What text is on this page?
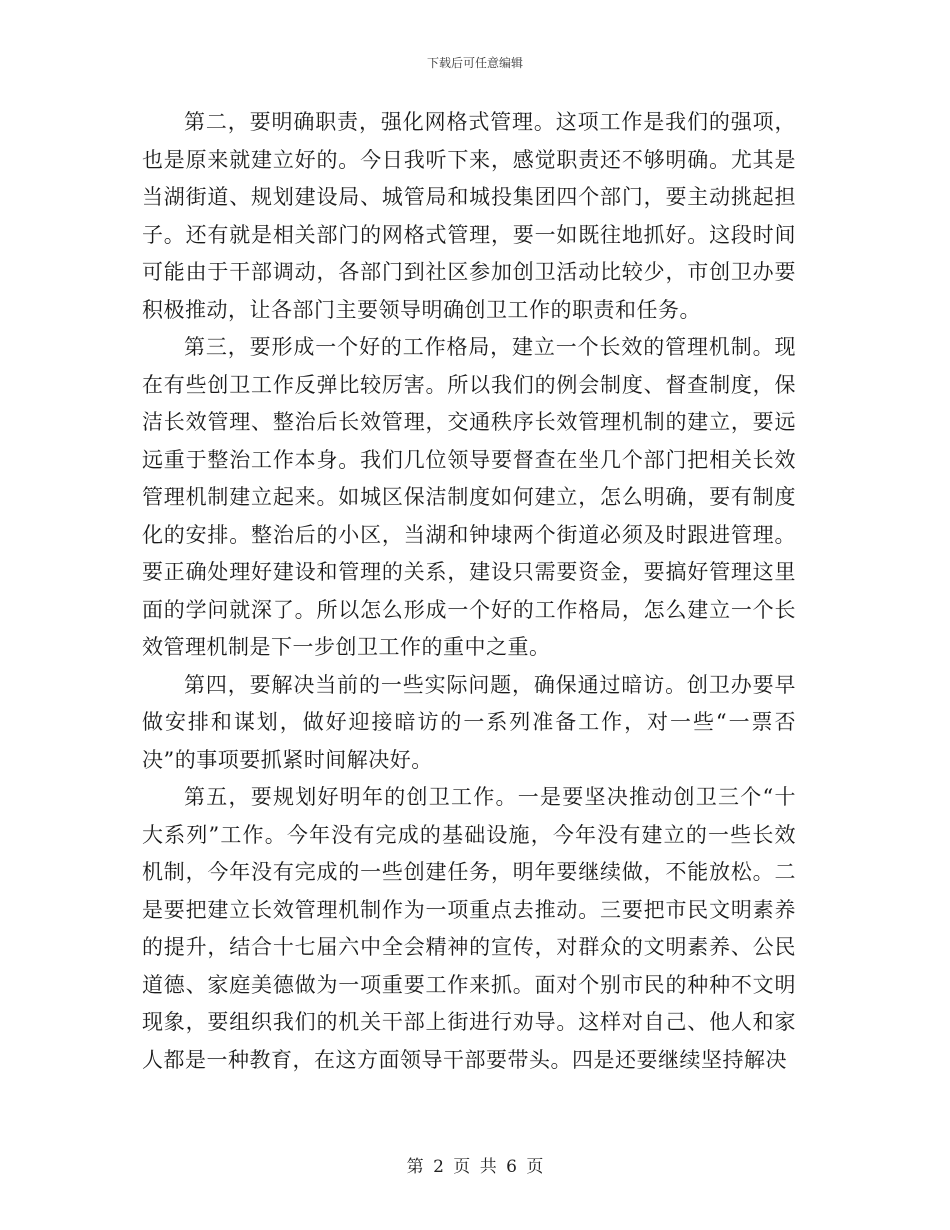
下载后可任意编辑

第二，要明确职责，强化网格式管理。这项工作是我们的强项，也是原来就建立好的。今日我听下来，感觉职责还不够明确。尤其是当湖街道、规划建设局、城管局和城投集团四个部门，要主动挑起担子。还有就是相关部门的网格式管理，要一如既往地抓好。这段时间可能由于干部调动，各部门到社区参加创卫活动比较少，市创卫办要积极推动，让各部门主要领导明确创卫工作的职责和任务。

第三，要形成一个好的工作格局，建立一个长效的管理机制。现在有些创卫工作反弹比较厉害。所以我们的例会制度、督查制度，保洁长效管理、整治后长效管理，交通秩序长效管理机制的建立，要远远重于整治工作本身。我们几位领导要督查在坐几个部门把相关长效管理机制建立起来。如城区保洁制度如何建立，怎么明确，要有制度化的安排。整治后的小区，当湖和钟埭两个街道必须及时跟进管理。要正确处理好建设和管理的关系，建设只需要资金，要搞好管理这里面的学问就深了。所以怎么形成一个好的工作格局，怎么建立一个长效管理机制是下一步创卫工作的重中之重。

第四，要解决当前的一些实际问题，确保通过暗访。创卫办要早做安排和谋划，做好迎接暗访的一系列准备工作，对一些“一票否决”的事项要抓紧时间解决好。

第五，要规划好明年的创卫工作。一是要坚决推动创卫三个“十大系列”工作。今年没有完成的基础设施，今年没有建立的一些长效机制，今年没有完成的一些创建任务，明年要继续做，不能放松。二是要把建立长效管理机制作为一项重点去推动。三要把市民文明素养的提升，结合十七届六中全会精神的宣传，对群众的文明素养、公民道德、家庭美德做为一项重要工作来抓。面对个别市民的种种不文明现象，要组织我们的机关干部上街进行劝导。这样对自己、他人和家人都是一种教育，在这方面领导干部要带头。四是还要继续坚持解决

第 2 页 共 6 页
